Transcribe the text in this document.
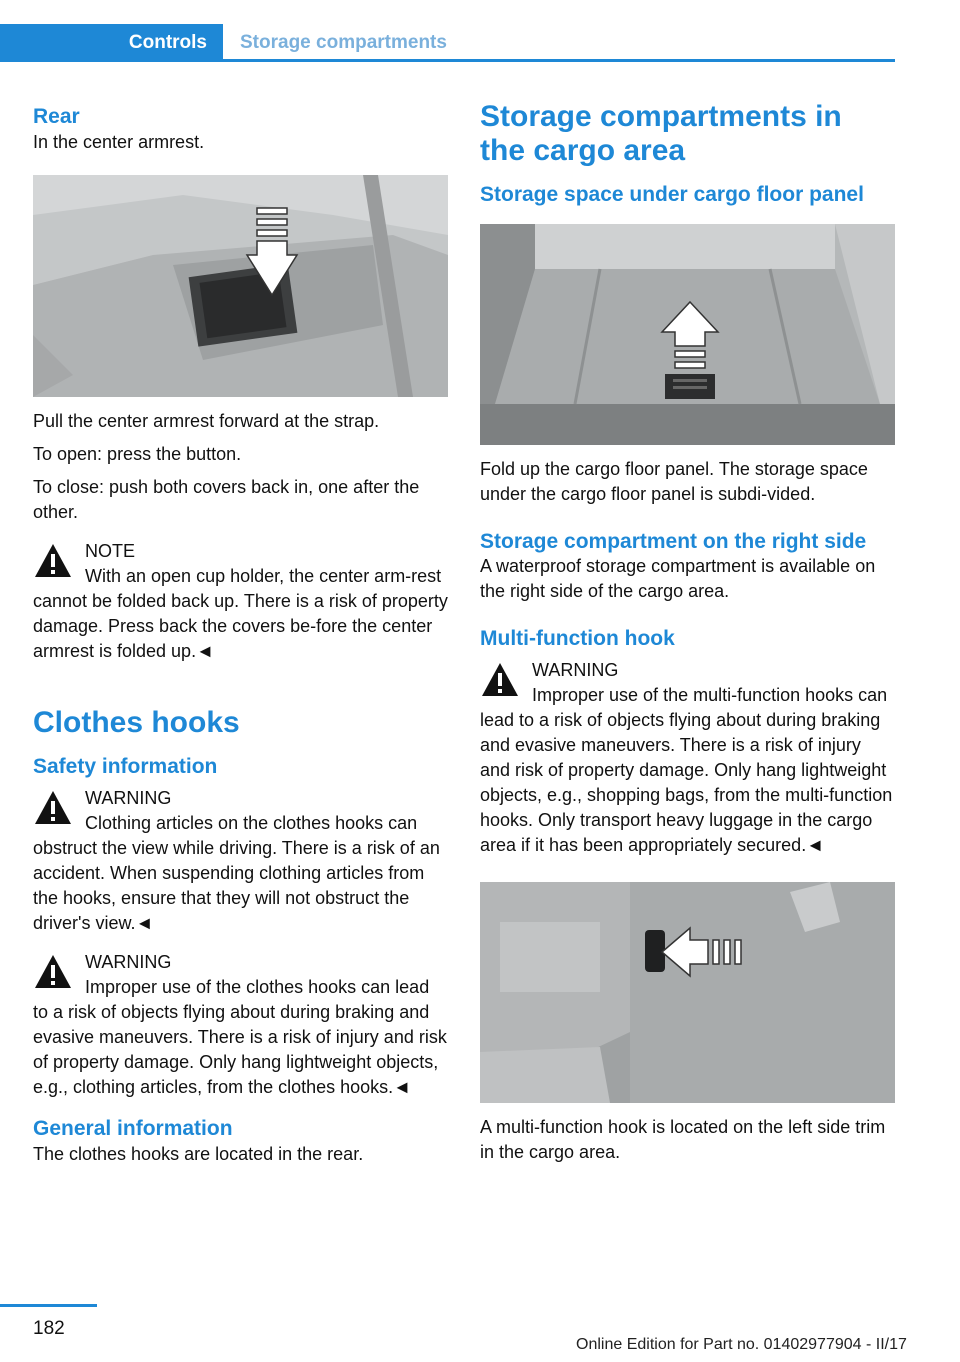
Controls	Storage compartments
Rear

In the center armrest.

Pull the center armrest forward at the strap.

To open: press the button.

To close: push both covers back in, one after the other.

NOTE
With an open cup holder, the center arm-rest cannot be folded back up. There is a risk of property damage. Press back the covers be-fore the center armrest is folded up.◄
Clothes hooks
Safety information
WARNING
Clothing articles on the clothes hooks can obstruct the view while driving. There is a risk of an accident. When suspending clothing articles from the hooks, ensure that they will not obstruct the driver's view.◄
WARNING
Improper use of the clothes hooks can lead to a risk of objects flying about during braking and evasive maneuvers. There is a risk of injury and risk of property damage. Only hang lightweight objects, e.g., clothing articles, from the clothes hooks.◄
General information

The clothes hooks are located in the rear.

Storage compartments in the cargo area
Storage space under cargo floor panel

Fold up the cargo floor panel. The storage space under the cargo floor panel is subdi-vided.

Storage compartment on the right side

A waterproof storage compartment is available on the right side of the cargo area.

Multi-function hook
WARNING
Improper use of the multi-function hooks can lead to a risk of objects flying about during braking and evasive maneuvers. There is a risk of injury and risk of property damage. Only hang lightweight objects, e.g., shopping bags, from the multi-function hooks. Only transport heavy luggage in the cargo area if it has been appropriately secured.◄

A multi-function hook is located on the left side trim in the cargo area.

182
Online Edition for Part no. 01402977904 - II/17
